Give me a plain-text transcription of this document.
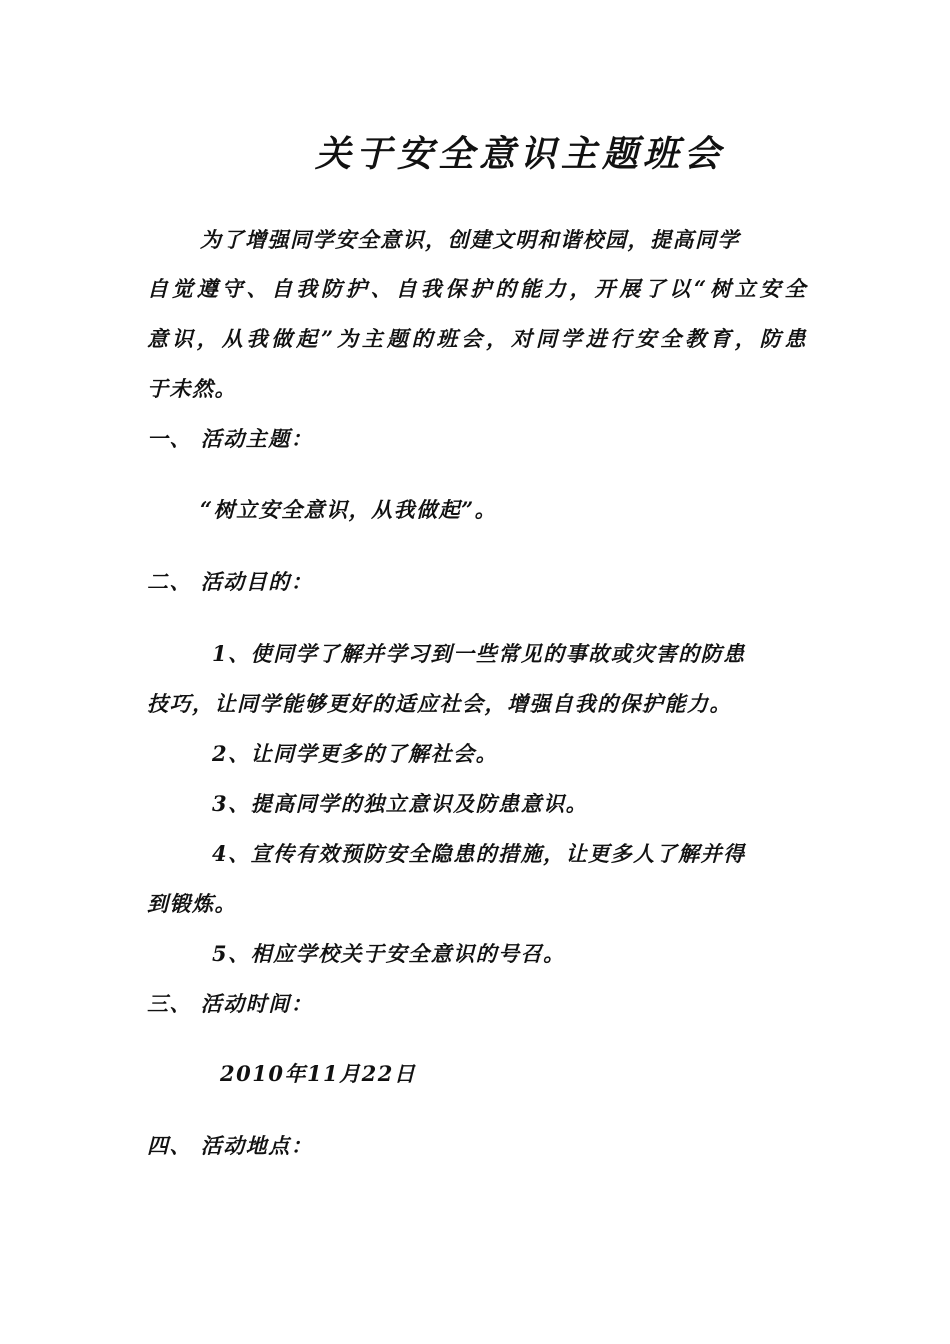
关于安全意识主题班会
为了增强同学安全意识，创建文明和谐校园，提高同学
自觉遵守、自我防护、自我保护的能力，开展了以“树立安全
意识，从我做起”为主题的班会，对同学进行安全教育，防患
于未然。
一、 活动主题：
“树立安全意识，从我做起”。
二、 活动目的：
1、使同学了解并学习到一些常见的事故或灾害的防患
技巧，让同学能够更好的适应社会，增强自我的保护能力。
2、让同学更多的了解社会。
3、提高同学的独立意识及防患意识。
4、宣传有效预防安全隐患的措施，让更多人了解并得
到锻炼。
5、相应学校关于安全意识的号召。
三、 活动时间：
2010年11月22日
四、 活动地点：
